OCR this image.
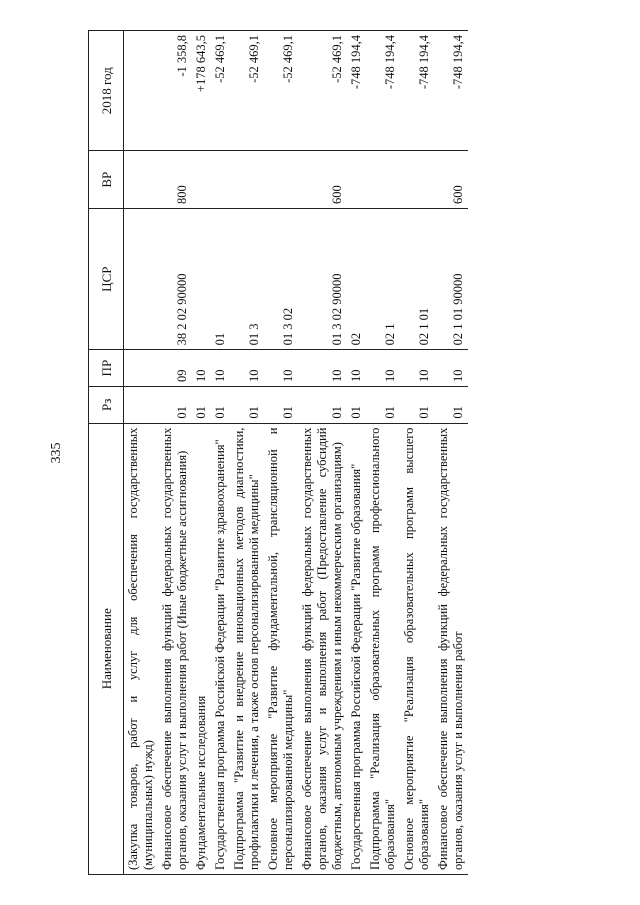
335
Наименование	Рз	ПР	ЦСР	ВР	2018 год
(Закупка товаров, работ и услуг для обеспечения государственных (муниципальных) нужд)					
Финансовое обеспечение выполнения функций федеральных государственных органов, оказания услуг и выполнения работ (Иные бюджетные ассигнования)	01	09	38 2 02 90000	800	-1 358,8
Фундаментальные исследования	01	10			+178 643,5
Государственная программа Российской Федерации "Развитие здравоохранения"	01	10	01		-52 469,1
Подпрограмма "Развитие и внедрение инновационных методов диагностики, профилактики и лечения, а также основ персонализированной медицины"	01	10	01 3		-52 469,1
Основное мероприятие "Развитие фундаментальной, трансляционной и персонализированной медицины"	01	10	01 3 02		-52 469,1
Финансовое обеспечение выполнения функций федеральных государственных органов, оказания услуг и выполнения работ (Предоставление субсидий бюджетным, автономным учреждениям и иным некоммерческим организациям)	01	10	01 3 02 90000	600	-52 469,1
Государственная программа Российской Федерации "Развитие образования"	01	10	02		-748 194,4
Подпрограмма "Реализация образовательных программ профессионального образования"	01	10	02 1		-748 194,4
Основное мероприятие "Реализация образовательных программ высшего образования"	01	10	02 1 01		-748 194,4
Финансовое обеспечение выполнения функций федеральных государственных органов, оказания услуг и выполнения работ	01	10	02 1 01 90000	600	-748 194,4
